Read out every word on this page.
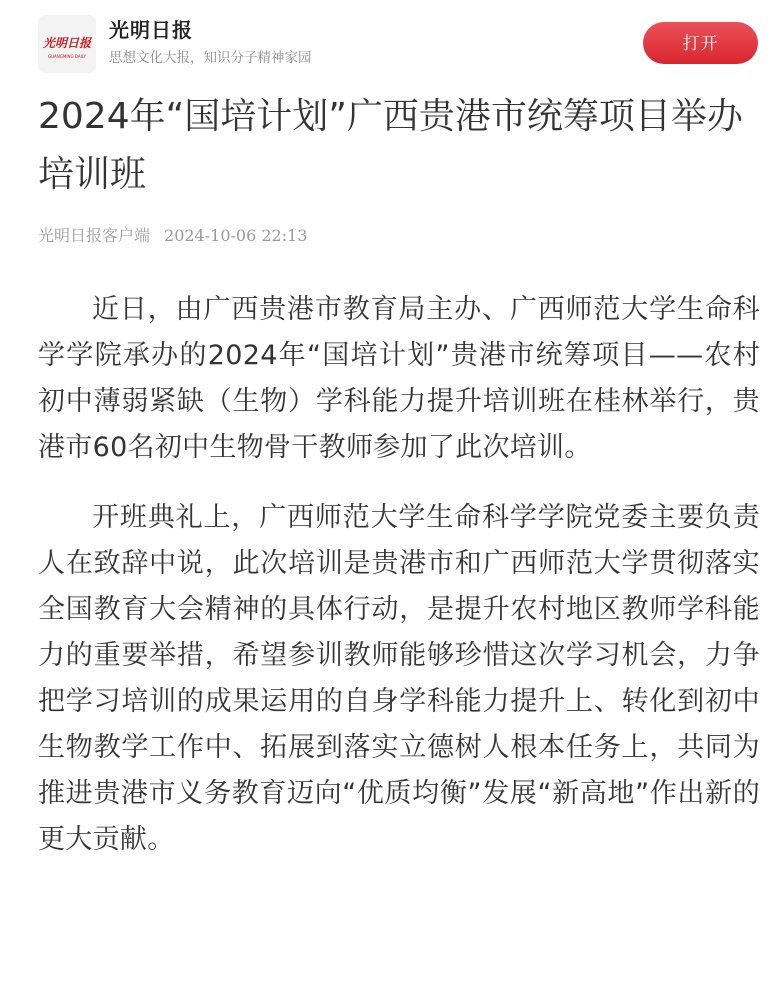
光明日报
GUANGMING DAILY
光明日报
思想文化大报，知识分子精神家园
打开
2024年“国培计划”广西贵港市统筹项目举办培训班
光明日报客户端 2024-10-06 22:13

近日，由广西贵港市教育局主办、广西师范大学生命科学学院承办的2024年“国培计划”贵港市统筹项目——农村初中薄弱紧缺（生物）学科能力提升培训班在桂林举行，贵港市60名初中生物骨干教师参加了此次培训。

开班典礼上，广西师范大学生命科学学院党委主要负责人在致辞中说，此次培训是贵港市和广西师范大学贯彻落实全国教育大会精神的具体行动，是提升农村地区教师学科能力的重要举措，希望参训教师能够珍惜这次学习机会，力争把学习培训的成果运用的自身学科能力提升上、转化到初中生物教学工作中、拓展到落实立德树人根本任务上，共同为推进贵港市义务教育迈向“优质均衡”发展“新高地”作出新的更大贡献。
